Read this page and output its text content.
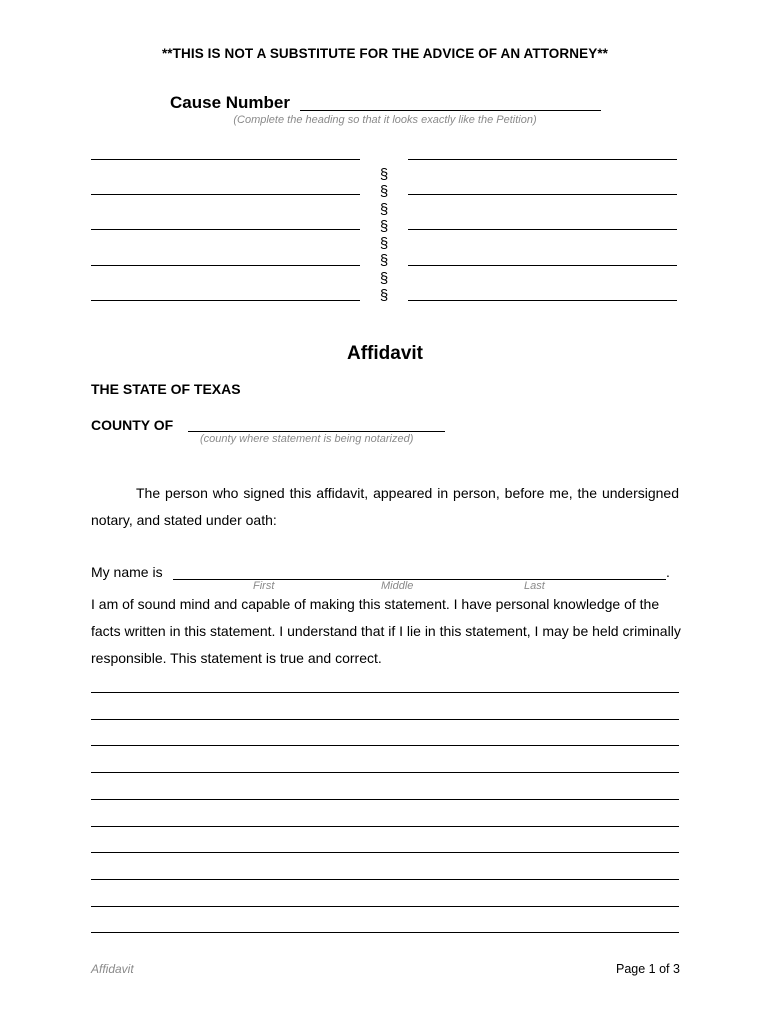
**THIS IS NOT A SUBSTITUTE FOR THE ADVICE OF AN ATTORNEY**
Cause Number
(Complete the heading so that it looks exactly like the Petition)
§
§
§
§
§
§
§
§
Affidavit
THE STATE OF TEXAS
COUNTY OF
(county where statement is being notarized)
The person who signed this affidavit, appeared in person, before me, the undersigned notary, and stated under oath:
My name is	.
First	Middle	Last
I am of sound mind and capable of making this statement. I have personal knowledge of the facts written in this statement. I understand that if I lie in this statement, I may be held criminally responsible. This statement is true and correct.
Affidavit	Page 1 of 3
